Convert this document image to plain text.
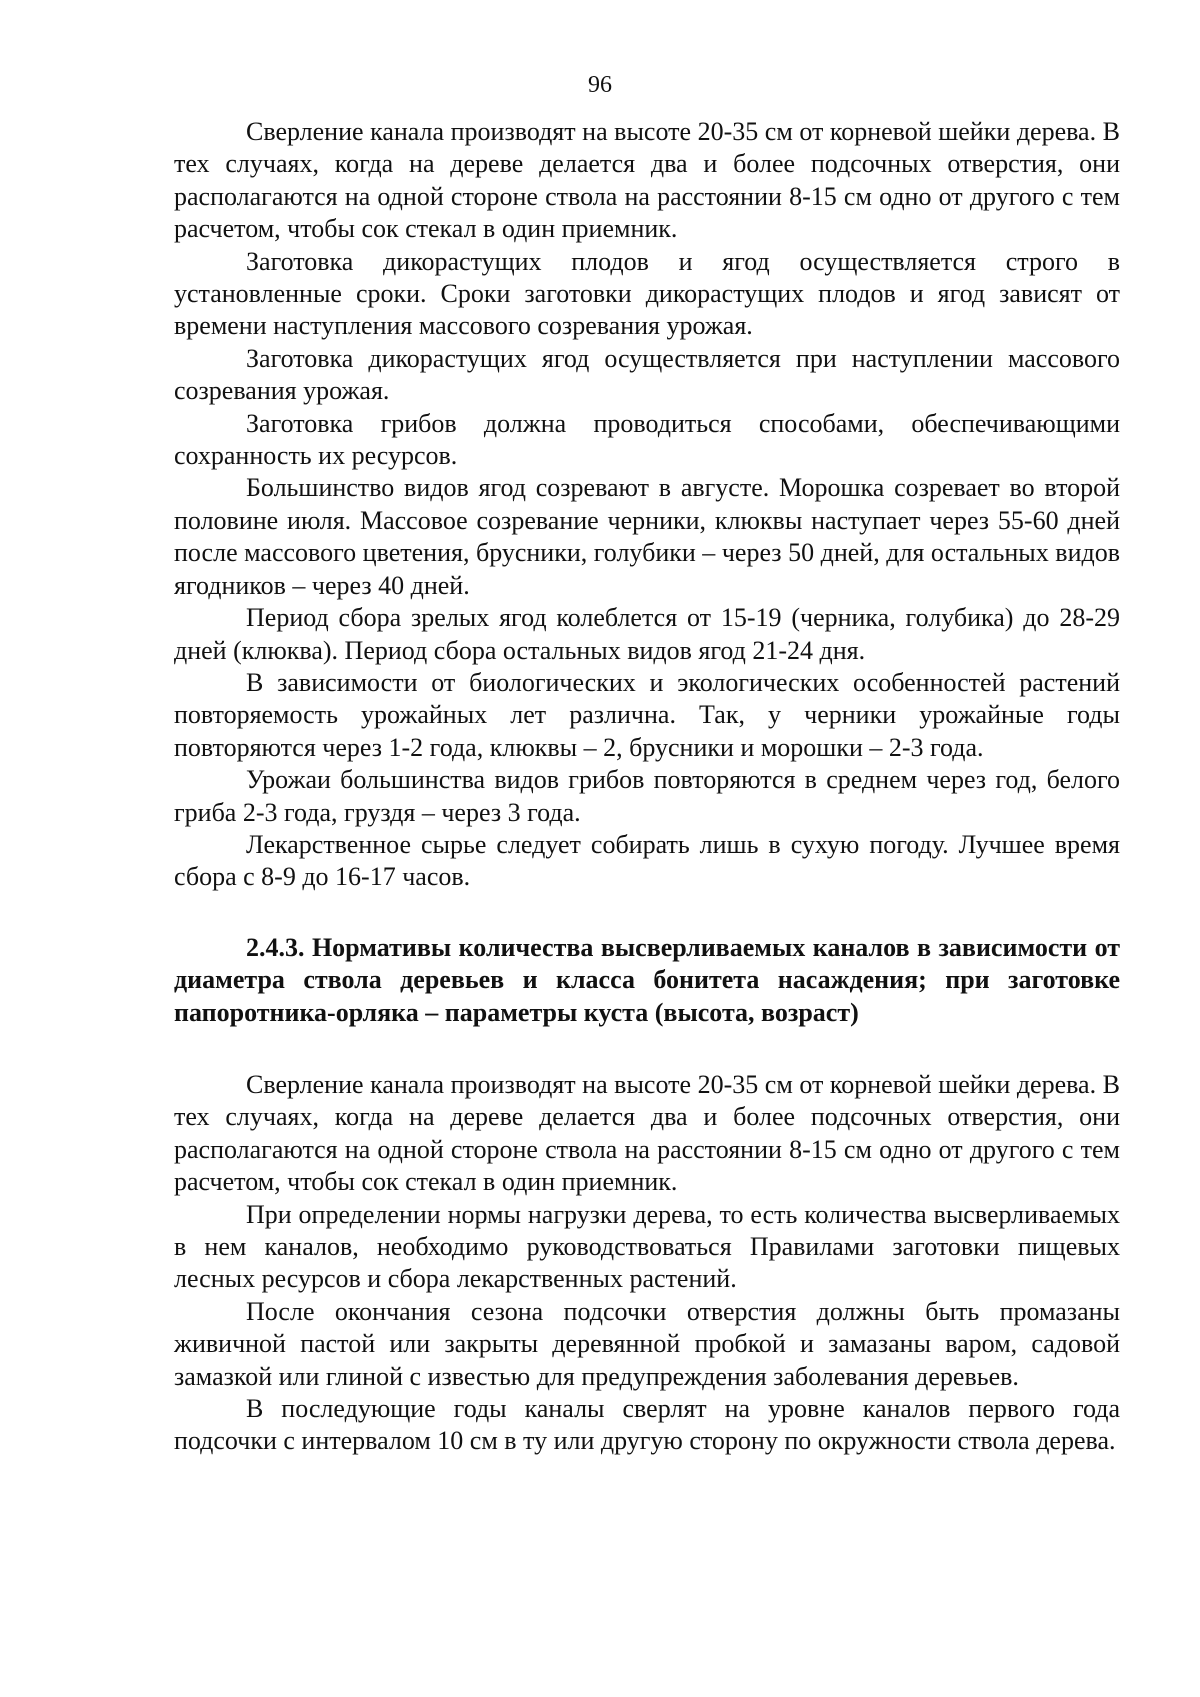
96

Сверление канала производят на высоте 20-35 см от корневой шейки дерева. В тех случаях, когда на дереве делается два и более подсочных отверстия, они располагаются на одной стороне ствола на расстоянии 8-15 см одно от другого с тем расчетом, чтобы сок стекал в один приемник.

Заготовка дикорастущих плодов и ягод осуществляется строго в установленные сроки. Сроки заготовки дикорастущих плодов и ягод зависят от времени наступления массового созревания урожая.

Заготовка дикорастущих ягод осуществляется при наступлении массового созревания урожая.

Заготовка грибов должна проводиться способами, обеспечивающими сохранность их ресурсов.

Большинство видов ягод созревают в августе. Морошка созревает во второй половине июля. Массовое созревание черники, клюквы наступает через 55-60 дней после массового цветения, брусники, голубики – через 50 дней, для остальных видов ягодников – через 40 дней.

Период сбора зрелых ягод колеблется от 15-19 (черника, голубика) до 28-29 дней (клюква). Период сбора остальных видов ягод 21-24 дня.

В зависимости от биологических и экологических особенностей растений повторяемость урожайных лет различна. Так, у черники урожайные годы повторяются через 1-2 года, клюквы – 2, брусники и морошки – 2-3 года.

Урожаи большинства видов грибов повторяются в среднем через год, белого гриба 2-3 года, груздя – через 3 года.

Лекарственное сырье следует собирать лишь в сухую погоду. Лучшее время сбора с 8-9 до 16-17 часов.

2.4.3. Нормативы количества высверливаемых каналов в зависимости от диаметра ствола деревьев и класса бонитета насаждения; при заготовке папоротника-орляка – параметры куста (высота, возраст)

Сверление канала производят на высоте 20-35 см от корневой шейки дерева. В тех случаях, когда на дереве делается два и более подсочных отверстия, они располагаются на одной стороне ствола на расстоянии 8-15 см одно от другого с тем расчетом, чтобы сок стекал в один приемник.

При определении нормы нагрузки дерева, то есть количества высверливаемых в нем каналов, необходимо руководствоваться Правилами заготовки пищевых лесных ресурсов и сбора лекарственных растений.

После окончания сезона подсочки отверстия должны быть промазаны живичной пастой или закрыты деревянной пробкой и замазаны варом, садовой замазкой или глиной с известью для предупреждения заболевания деревьев.

В последующие годы каналы сверлят на уровне каналов первого года подсочки с интервалом 10 см в ту или другую сторону по окружности ствола дерева.
